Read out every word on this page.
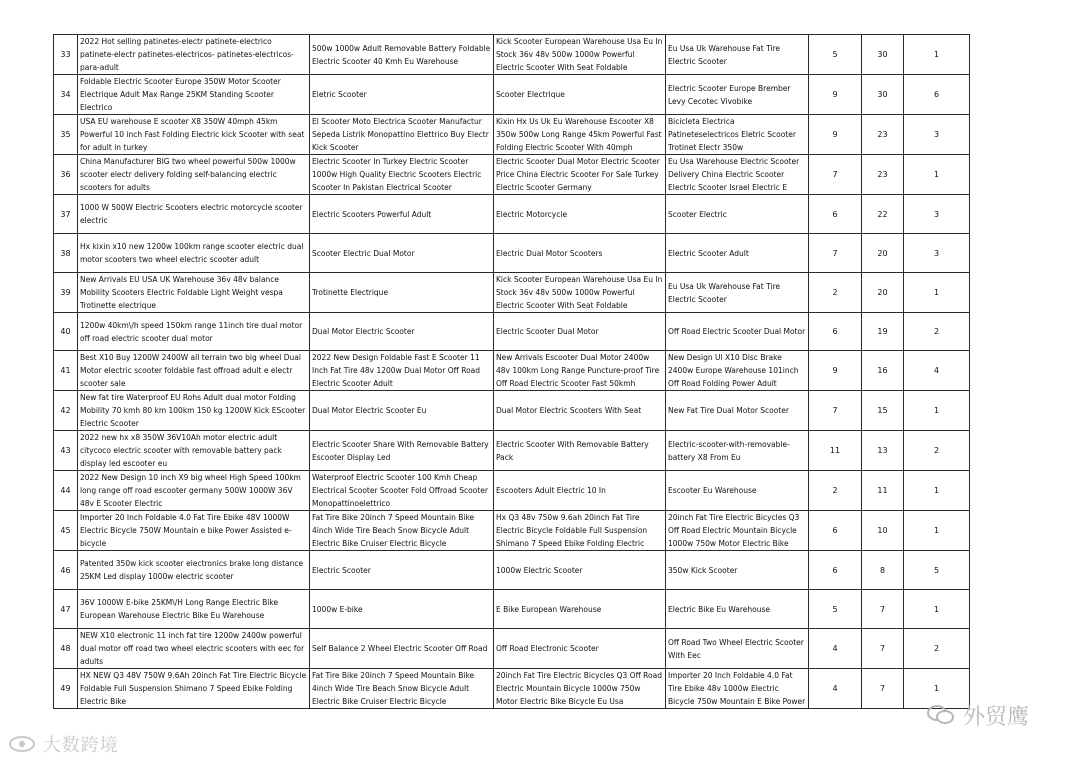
33	2022 Hot selling patinetes-electr patinete-electrico patinete-electr patinetes-electricos- patinetes-electricos-para-adult	500w 1000w Adult Removable Battery Foldable Electric Scooter 40 Kmh Eu Warehouse	Kick Scooter European Warehouse Usa Eu In Stock 36v 48v 500w 1000w Powerful Electric Scooter With Seat Foldable	Eu Usa Uk Warehouse Fat Tire Electric Scooter	5	30	1

34	Foldable Electric Scooter Europe 350W Motor Scooter Electrique Adult Max Range 25KM Standing Scooter Electrico	Eletric Scooter	Scooter Electrique	Electric Scooter Europe Brember Levy Cecotec Vivobike	9	30	6

35	USA EU warehouse E scooter X8 350W 40mph 45km Powerful 10 inch Fast Folding Electric kick Scooter with seat for adult in turkey	El Scooter Moto Electrica Scooter Manufactur Sepeda Listrik Monopattino Elettrico Buy Electr Kick Scooter	Kixin Hx Us Uk Eu Warehouse Escooter X8 350w 500w Long Range 45km Powerful Fast Folding Electric Scooter With 40mph	Bicicleta Electrica Patineteselectricos Eletric Scooter Trotinet Electr 350w	9	23	3

36	China Manufacturer BIG two wheel powerful 500w 1000w scooter electr delivery folding self-balancing electric scooters for adults	Electric Scooter In Turkey Electric Scooter 1000w High Quality Electric Scooters Electric Scooter In Pakistan Electrical Scooter	Electric Scooter Dual Motor Electric Scooter Price China Electric Scooter For Sale Turkey Electric Scooter Germany	Eu Usa Warehouse Electric Scooter Delivery China Electric Scooter Electric Scooter Israel Electric E	7	23	1

37	1000 W 500W Electric Scooters electric motorcycle scooter electric	Electric Scooters Powerful Adult	Electric Motorcycle	Scooter Electric	6	22	3

38	Hx kixin x10 new 1200w 100km range scooter electric dual motor scooters two wheel electric scooter adult	Scooter Electric Dual Motor	Electric Dual Motor Scooters	Electric Scooter Adult	7	20	3

39	New Arrivals EU USA UK Warehouse 36v 48v balance Mobility Scooters Electric Foldable Light Weight vespa Trotinette electrique	Trotinette Electrique	Kick Scooter European Warehouse Usa Eu In Stock 36v 48v 500w 1000w Powerful Electric Scooter With Seat Foldable	Eu Usa Uk Warehouse Fat Tire Electric Scooter	2	20	1

40	1200w 40km\/h speed 150km range 11inch tire dual motor off road electric scooter dual motor	Dual Motor Electric Scooter	Electric Scooter Dual Motor	Off Road Electric Scooter Dual Motor	6	19	2

41	Best X10 Buy 1200W 2400W all terrain two big wheel Dual Motor electric scooter foldable fast offroad adult e electr scooter sale	2022 New Design Foldable Fast E Scooter 11 Inch Fat Tire 48v 1200w Dual Motor Off Road Electric Scooter Adult	New Arrivals Escooter Dual Motor 2400w 48v 100km Long Range Puncture-proof Tire Off Road Electric Scooter Fast 50kmh	New Design Ul X10 Disc Brake 2400w Europe Warehouse 101inch Off Road Folding Power Adult	9	16	4

42	New fat tire Waterproof EU Rohs Adult dual motor Folding Mobility 70 kmh 80 km 100km 150 kg 1200W Kick EScooter Electric Scooter	Dual Motor Electric Scooter Eu	Dual Motor Electric Scooters With Seat	New Fat Tire Dual Motor Scooter	7	15	1

43	2022 new hx x8 350W 36V10Ah motor electric adult citycoco electric scooter with removable battery pack display led escooter eu	Electric Scooter Share With Removable Battery Escooter Display Led	Electric Scooter With Removable Battery Pack	Electric-scooter-with-removable-battery X8 From Eu	11	13	2

44	2022 New Design 10 inch X9 big wheel High Speed 100km long range off road escooter germany 500W 1000W 36V 48v E Scooter Electric	Waterproof Electric Scooter 100 Kmh Cheap Electrical Scooter Scooter Fold Offroad Scooter Monopattinoelettrico	Escooters Adult Electric 10 In	Escooter Eu Warehouse	2	11	1

45	Importer 20 Inch Foldable 4.0 Fat Tire Ebike 48V 1000W Electric Bicycle 750W Mountain e bike Power Assisted e-bicycle	Fat Tire Bike 20inch 7 Speed Mountain Bike 4inch Wide Tire Beach Snow Bicycle Adult Electric Bike Cruiser Electric Bicycle	Hx Q3 48v 750w 9.6ah 20inch Fat Tire Electric Bicycle Foldable Full Suspension Shimano 7 Speed Ebike Folding Electric	20inch Fat Tire Electric Bicycles Q3 Off Road Electric Mountain Bicycle 1000w 750w Motor Electric Bike	6	10	1

46	Patented 350w kick scooter electronics brake long distance 25KM Led display 1000w electric scooter	Electric Scooter	1000w Electric Scooter	350w Kick Scooter	6	8	5

47	36V 1000W E-bike 25KM\/H Long Range Electric Bike European Warehouse Electric Bike Eu Warehouse	1000w E-bike	E Bike European Warehouse	Electric Bike Eu Warehouse	5	7	1

48	NEW X10 electronic 11 inch fat tire 1200w 2400w powerful dual motor off road two wheel electric scooters with eec for adults	Self Balance 2 Wheel Electric Scooter Off Road	Off Road Electronic Scooter	Off Road Two Wheel Electric Scooter With Eec	4	7	2

49	HX NEW Q3 48V 750W 9.6Ah 20inch Fat Tire Electric Bicycle Foldable Full Suspension Shimano 7 Speed Ebike Folding Electric Bike	Fat Tire Bike 20inch 7 Speed Mountain Bike 4inch Wide Tire Beach Snow Bicycle Adult Electric Bike Cruiser Electric Bicycle	20inch Fat Tire Electric Bicycles Q3 Off Road Electric Mountain Bicycle 1000w 750w Motor Electric Bike Bicycle Eu Usa	Importer 20 Inch Foldable 4.0 Fat Tire Ebike 48v 1000w Electric Bicycle 750w Mountain E Bike Power	4	7	1
大数跨境
外贸鹰
